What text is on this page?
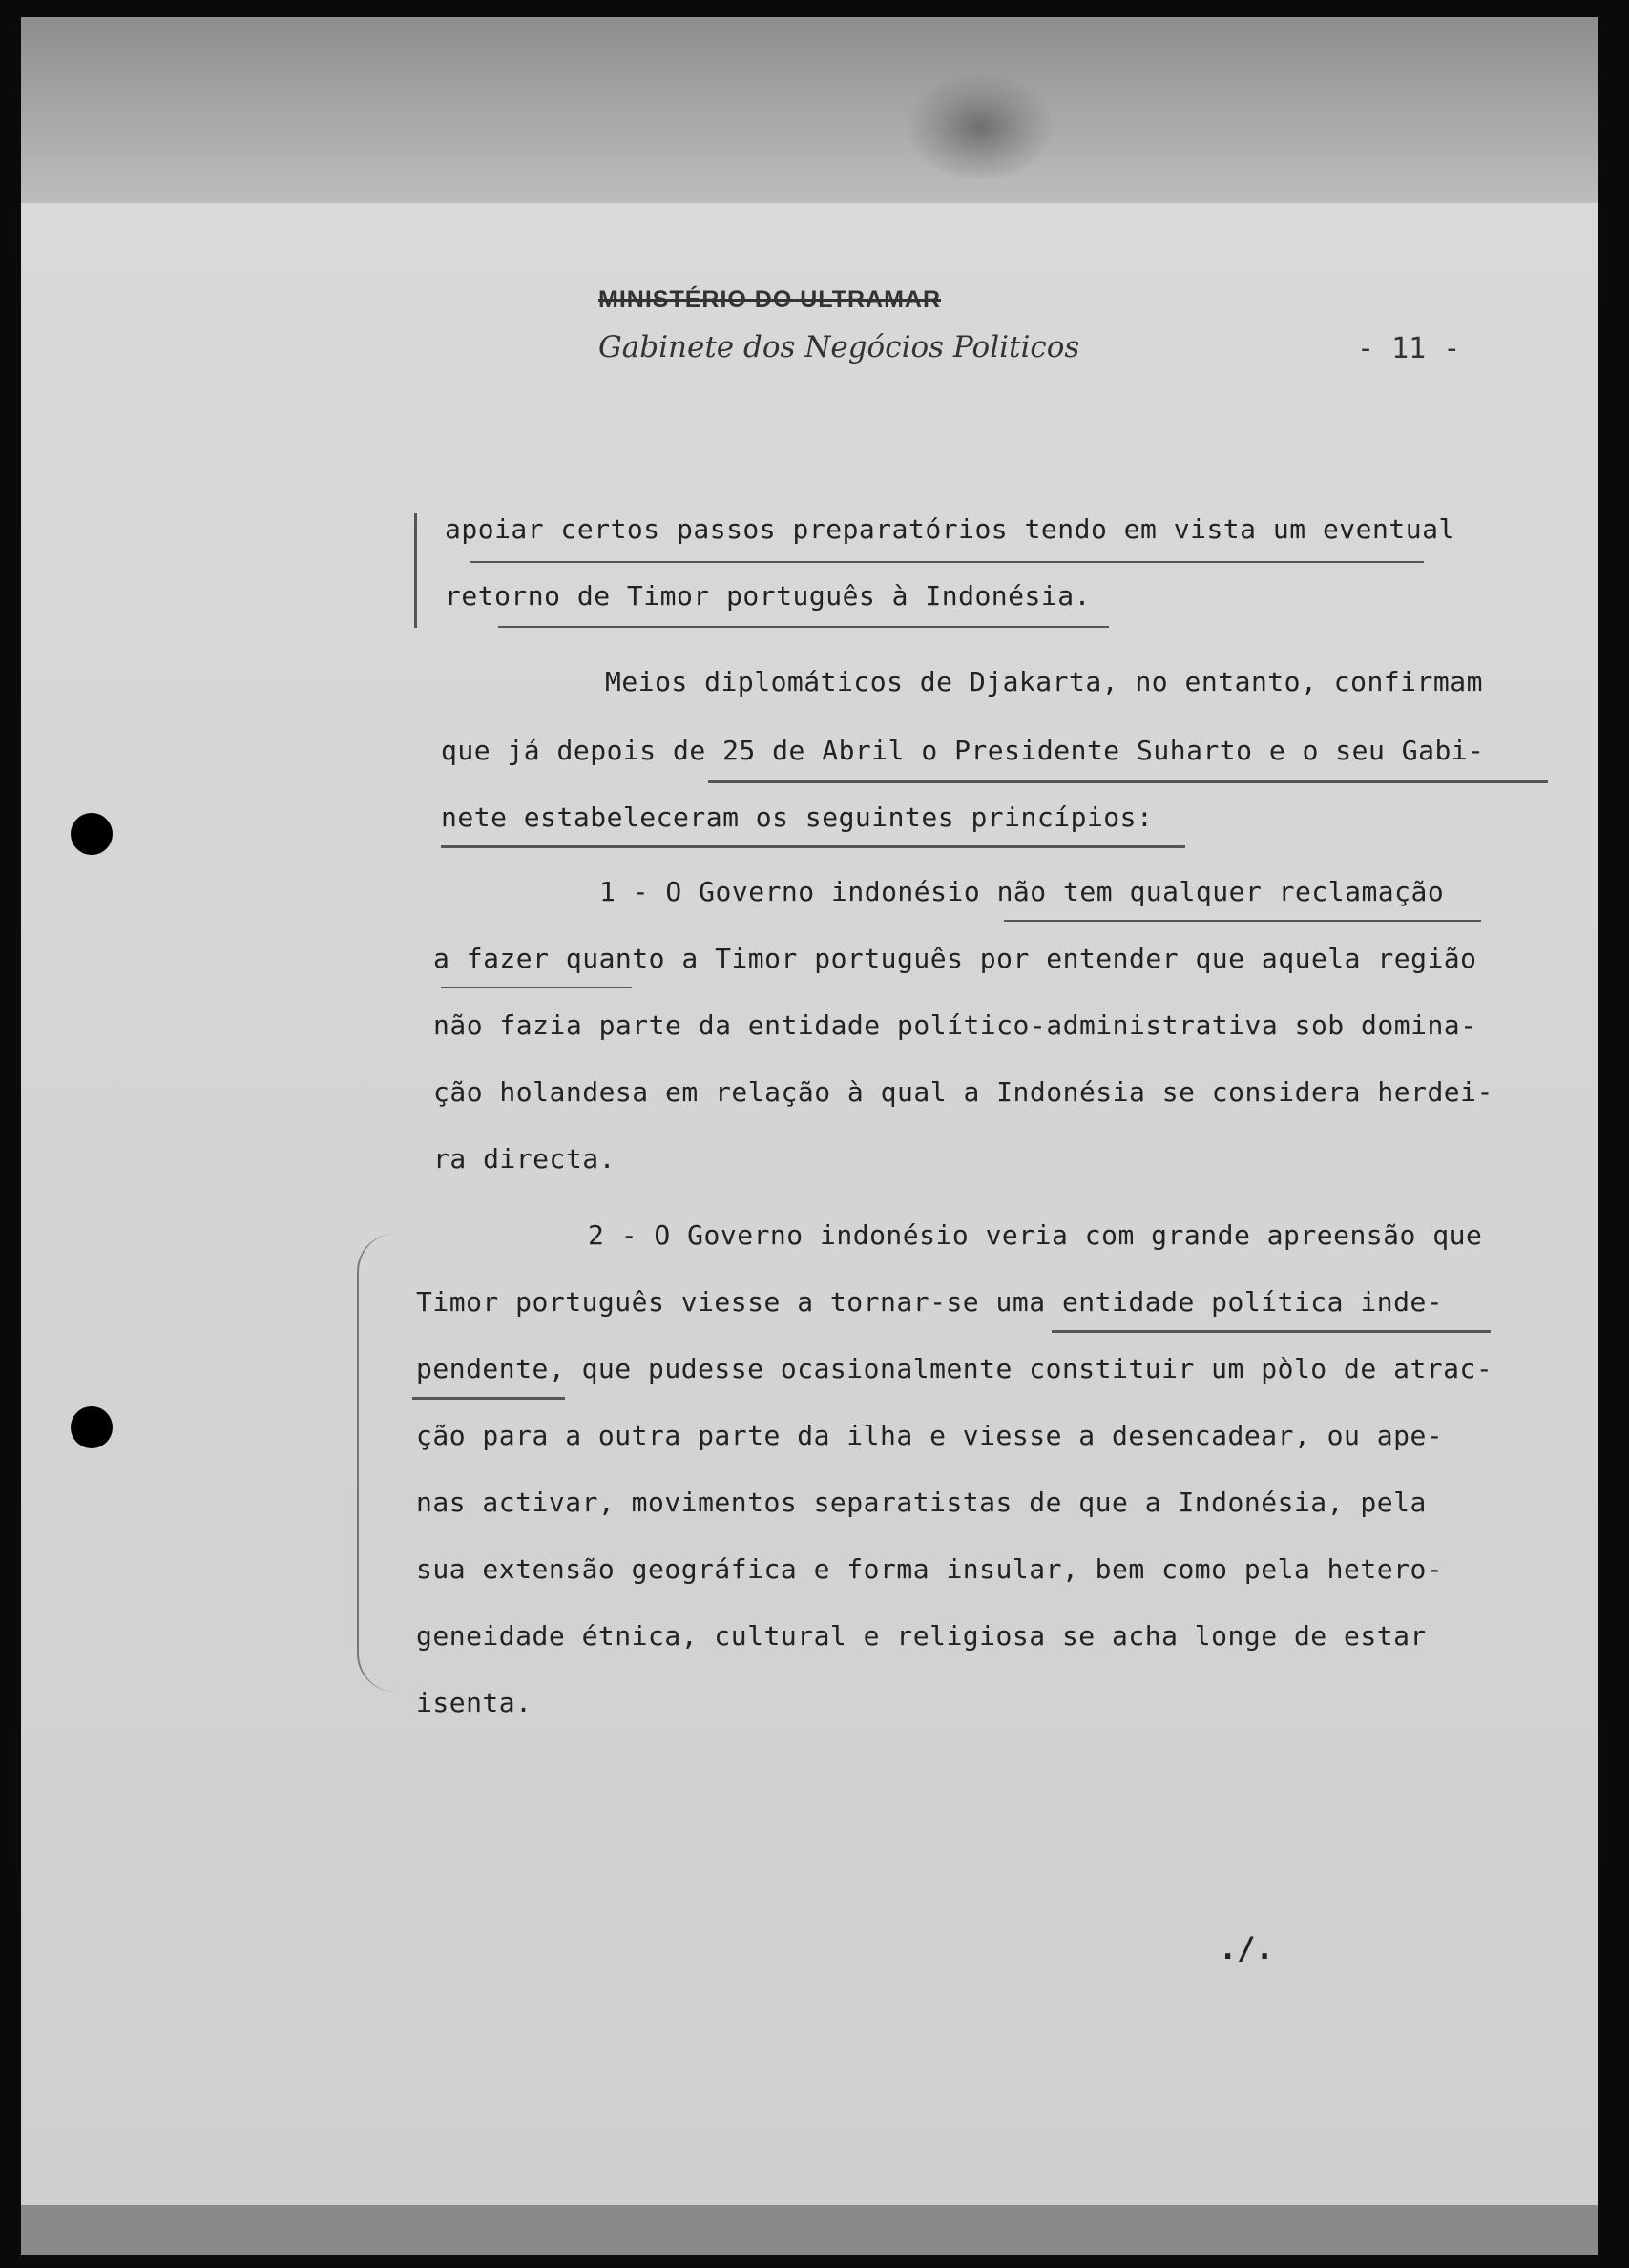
MINISTÉRIO DO ULTRAMAR
Gabinete dos Negócios Politicos	- 11 -
apoiar certos passos preparatórios tendo em vista um eventual
retorno de Timor português à Indonésia.
Meios diplomáticos de Djakarta, no entanto, confirmam
que já depois de 25 de Abril o Presidente Suharto e o seu Gabi-
nete estabeleceram os seguintes princípios:
1 - O Governo indonésio não tem qualquer reclamação
a fazer quanto a Timor português por entender que aquela região
não fazia parte da entidade político-administrativa sob domina-
ção holandesa em relação à qual a Indonésia se considera herdei-
ra directa.
2 - O Governo indonésio veria com grande apreensão que
Timor português viesse a tornar-se uma entidade política inde-
pendente, que pudesse ocasionalmente constituir um pòlo de atrac-
ção para a outra parte da ilha e viesse a desencadear, ou ape-
nas activar, movimentos separatistas de que a Indonésia, pela
sua extensão geográfica e forma insular, bem como pela hetero-
geneidade étnica, cultural e religiosa se acha longe de estar
isenta.
./.
